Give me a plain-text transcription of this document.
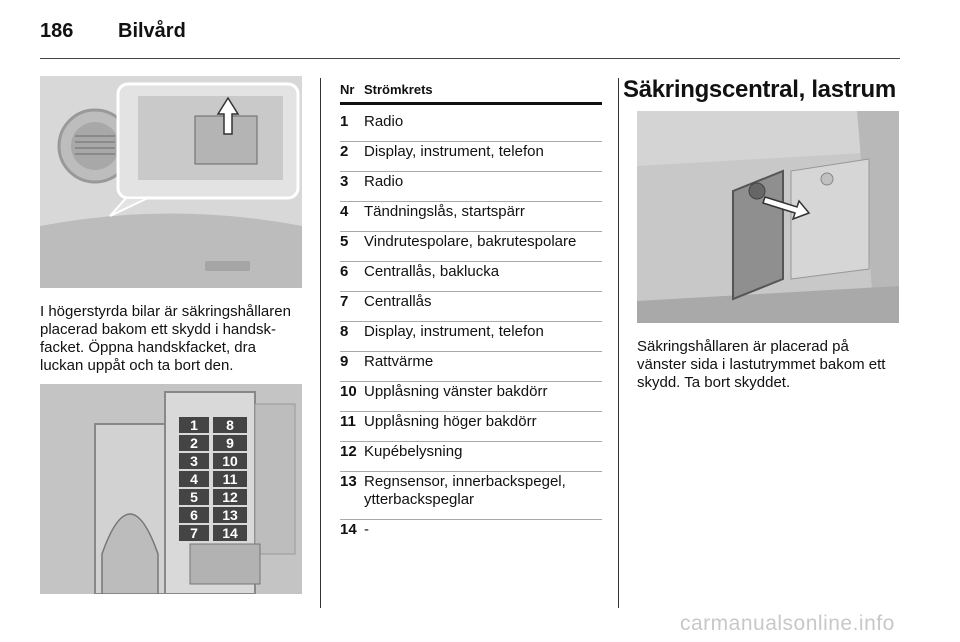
186 Bilvård
I högerstyrda bilar är säkringshållaren
placerad bakom ett skydd i handsk-
facket. Öppna handskfacket, dra
luckan uppåt och ta bort den.
1
2
3
4
5
6
7
8
9
10
11
12
13
14
Nr Strömkrets
1	Radio
2	Display, instrument, telefon
3	Radio
4	Tändningslås, startspärr
5	Vindrutespolare, bakrutespolare
6	Centrallås, baklucka
7	Centrallås
8	Display, instrument, telefon
9	Rattvärme
10 Upplåsning vänster bakdörr
11 Upplåsning höger bakdörr
12 Kupébelysning
13 Regnsensor, innerbackspegel,
ytterbackspeglar
14 -
Säkringscentral, lastrum
Säkringshållaren är placerad på
vänster sida i lastutrymmet bakom ett
skydd. Ta bort skyddet.
carmanualsonline.info
